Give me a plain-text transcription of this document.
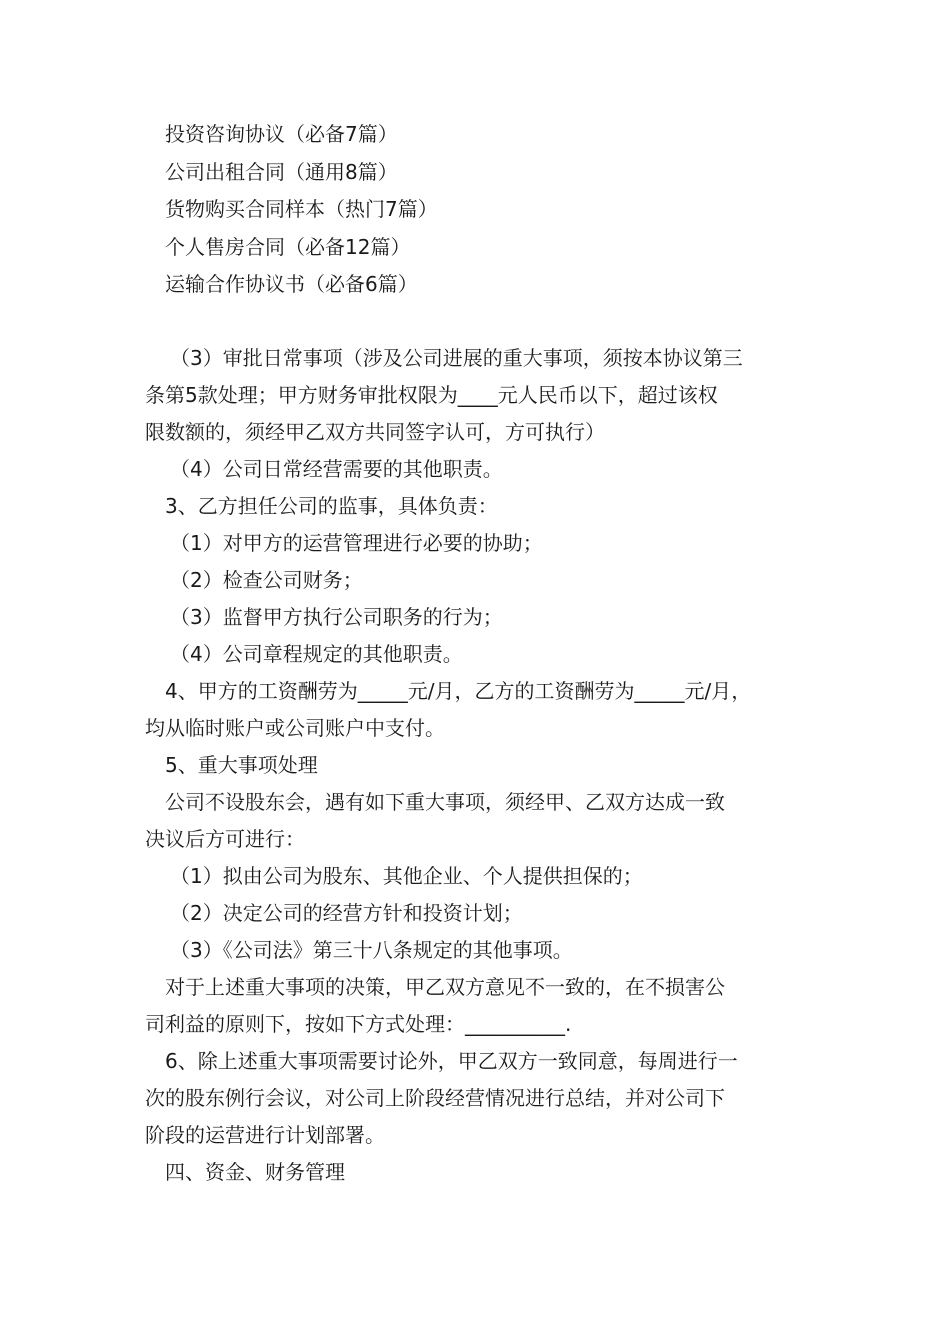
投资咨询协议（必备7篇）
公司出租合同（通用8篇）
货物购买合同样本（热门7篇）
个人售房合同（必备12篇）
运输合作协议书（必备6篇）
（3）审批日常事项（涉及公司进展的重大事项，须按本协议第三
条第5款处理；甲方财务审批权限为____元人民币以下，超过该权
限数额的，须经甲乙双方共同签字认可，方可执行）
（4）公司日常经营需要的其他职责。
3、乙方担任公司的监事，具体负责：
（1）对甲方的运营管理进行必要的协助；
（2）检查公司财务；
（3）监督甲方执行公司职务的行为；
（4）公司章程规定的其他职责。
4、甲方的工资酬劳为_____元/月，乙方的工资酬劳为_____元/月，
均从临时账户或公司账户中支付。
5、重大事项处理
公司不设股东会，遇有如下重大事项，须经甲、乙双方达成一致
决议后方可进行：
（1）拟由公司为股东、其他企业、个人提供担保的；
（2）决定公司的经营方针和投资计划；
（3）《公司法》第三十八条规定的其他事项。
对于上述重大事项的决策，甲乙双方意见不一致的，在不损害公
司利益的原则下，按如下方式处理：__________.
6、除上述重大事项需要讨论外，甲乙双方一致同意，每周进行一
次的股东例行会议，对公司上阶段经营情况进行总结，并对公司下
阶段的运营进行计划部署。
四、资金、财务管理
